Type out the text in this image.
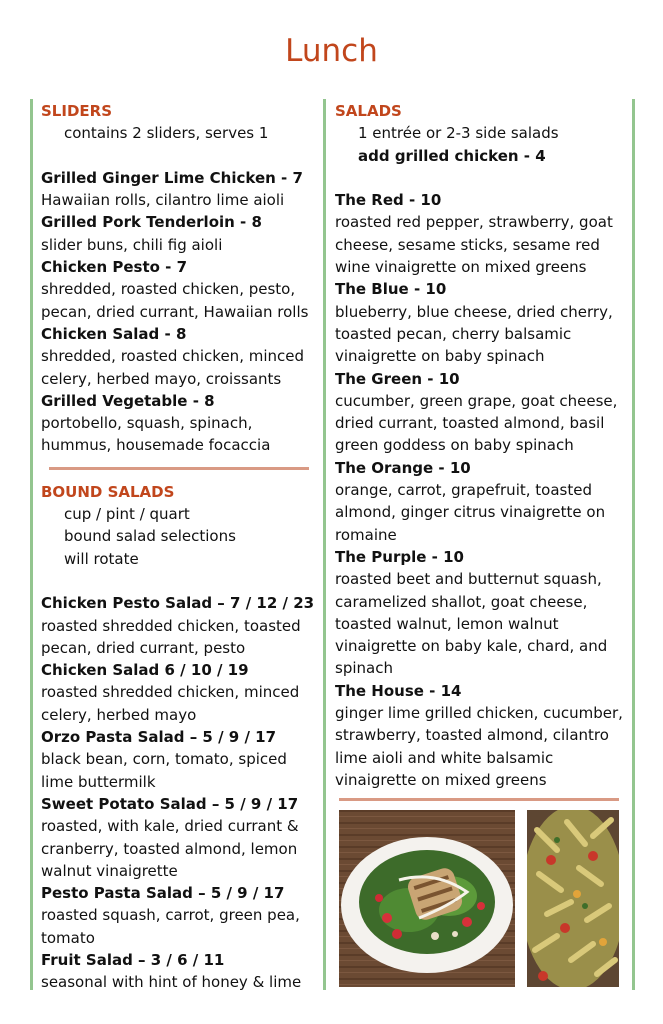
Lunch
SLIDERS
contains 2 sliders, serves 1
Grilled Ginger Lime Chicken - 7
Hawaiian rolls, cilantro lime aioli
Grilled Pork Tenderloin - 8
slider buns, chili fig aioli
Chicken Pesto - 7
shredded, roasted chicken, pesto, pecan, dried currant, Hawaiian rolls
Chicken Salad - 8
shredded, roasted chicken, minced celery, herbed mayo, croissants
Grilled Vegetable - 8
portobello, squash, spinach, hummus, housemade focaccia
BOUND SALADS
cup / pint / quart
bound salad selections will rotate
Chicken Pesto Salad – 7 / 12 / 23
roasted shredded chicken, toasted pecan, dried currant, pesto
Chicken Salad 6 / 10 / 19
roasted shredded chicken, minced celery, herbed mayo
Orzo Pasta Salad – 5 / 9 / 17
black bean, corn, tomato, spiced lime buttermilk
Sweet Potato Salad – 5 / 9 / 17
roasted, with kale, dried currant & cranberry, toasted almond, lemon walnut vinaigrette
Pesto Pasta Salad – 5 / 9 / 17
roasted squash, carrot, green pea, tomato
Fruit Salad – 3 / 6 / 11
seasonal with hint of honey & lime
SALADS
1 entrée or 2-3 side salads
add grilled chicken - 4
The Red - 10
roasted red pepper, strawberry, goat cheese, sesame sticks, sesame red wine vinaigrette on mixed greens
The Blue - 10
blueberry, blue cheese, dried cherry, toasted pecan, cherry balsamic vinaigrette on baby spinach
The Green - 10
cucumber, green grape, goat cheese, dried currant, toasted almond, basil green goddess on baby spinach
The Orange - 10
orange, carrot, grapefruit, toasted almond, ginger citrus vinaigrette on romaine
The Purple - 10
roasted beet and butternut squash, caramelized shallot, goat cheese, toasted walnut, lemon walnut vinaigrette on baby kale, chard, and spinach
The House - 14
ginger lime grilled chicken, cucumber, strawberry, toasted almond, cilantro lime aioli and white balsamic vinaigrette on mixed greens
